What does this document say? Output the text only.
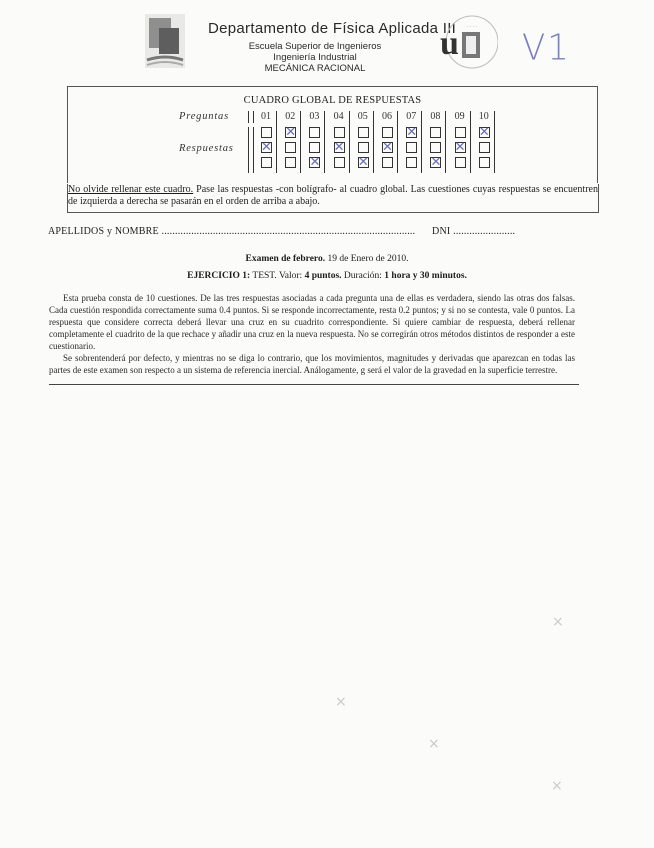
Departamento de Física Aplicada III
Escuela Superior de Ingenieros
Ingeniería Industrial
MECÁNICA RACIONAL
u · · · · V1
CUADRO GLOBAL DE RESPUESTAS
Preguntas
Respuestas
01
✕
02
✕
03
✕
04
✕
05
✕
06
✕
07
✕
08
✕
09
✕
10
✕
No olvide rellenar este cuadro. Pase las respuestas -con bolígrafo- al cuadro global. Las cuestiones cuyas respuestas se encuentren de izquierda a derecha se pasarán en el orden de arriba a abajo.
APELLIDOS y NOMBRE .............................................................................................. DNI .......................
Examen de febrero. 19 de Enero de 2010.
EJERCICIO 1: TEST. Valor: 4 puntos. Duración: 1 hora y 30 minutos.
Esta prueba consta de 10 cuestiones. De las tres respuestas asociadas a cada pregunta una de ellas es verdadera, siendo las otras dos falsas. Cada cuestión respondida correctamente suma 0.4 puntos. Si se responde incorrectamente, resta 0.2 puntos; y si no se contesta, vale 0 puntos. La respuesta que considere correcta deberá llevar una cruz en su cuadrito correspondiente. Si quiere cambiar de respuesta, deberá rellenar completamente el cuadrito de la que rechace y añadir una cruz en la nueva respuesta. No se corregirán otros métodos distintos de responder a este cuestionario.
Se sobrentenderá por defecto, y mientras no se diga lo contrario, que los movimientos, magnitudes y derivadas que aparezcan en todas las partes de este examen son respecto a un sistema de referencia inercial. Análogamente, g será el valor de la gravedad en la superficie terrestre.
×
×
×
×
